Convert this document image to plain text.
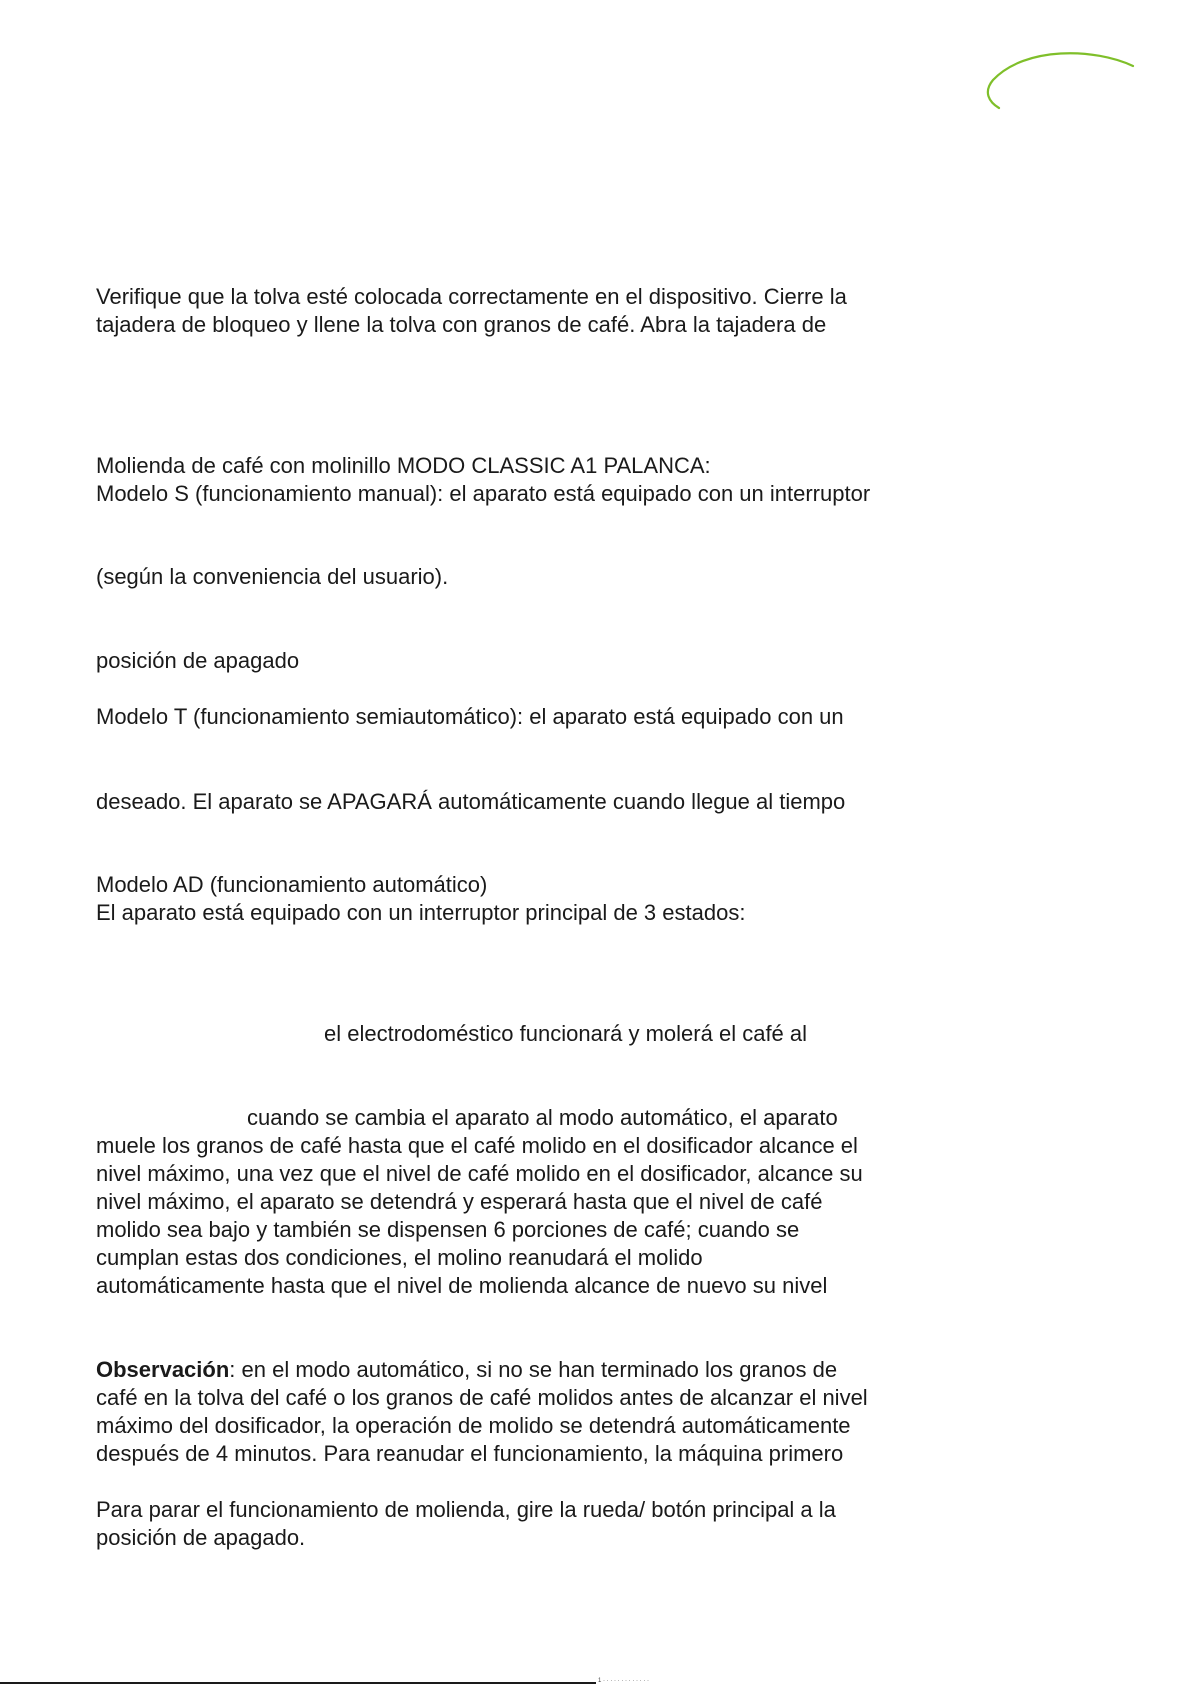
Verifique que la tolva esté colocada correctamente en el dispositivo. Cierre la

tajadera de bloqueo y llene la tolva con granos de café. Abra la tajadera de

Molienda de café con molinillo MODO CLASSIC A1 PALANCA:

Modelo S (funcionamiento manual): el aparato está equipado con un interruptor

(según la conveniencia del usuario).

posición de apagado

Modelo T (funcionamiento semiautomático): el aparato está equipado con un

deseado. El aparato se APAGARÁ automáticamente cuando llegue al tiempo

Modelo AD (funcionamiento automático)

El aparato está equipado con un interruptor principal de 3 estados:

el electrodoméstico funcionará y molerá el café al

cuando se cambia el aparato al modo automático, el aparato

muele los granos de café hasta que el café molido en el dosificador alcance el

nivel máximo, una vez que el nivel de café molido en el dosificador, alcance su

nivel máximo, el aparato se detendrá y esperará hasta que el nivel de café

molido sea bajo y también se dispensen 6 porciones de café; cuando se

cumplan estas dos condiciones, el molino reanudará el molido

automáticamente hasta que el nivel de molienda alcance de nuevo su nivel

Observación: en el modo automático, si no se han terminado los granos de

café en la tolva del café o los granos de café molidos antes de alcanzar el nivel

máximo del dosificador, la operación de molido se detendrá automáticamente

después de 4 minutos. Para reanudar el funcionamiento, la máquina primero

Para parar el funcionamiento de molienda, gire la rueda/ botón principal a la

posición de apagado.

1 · · · · · · · · · · · · ·
